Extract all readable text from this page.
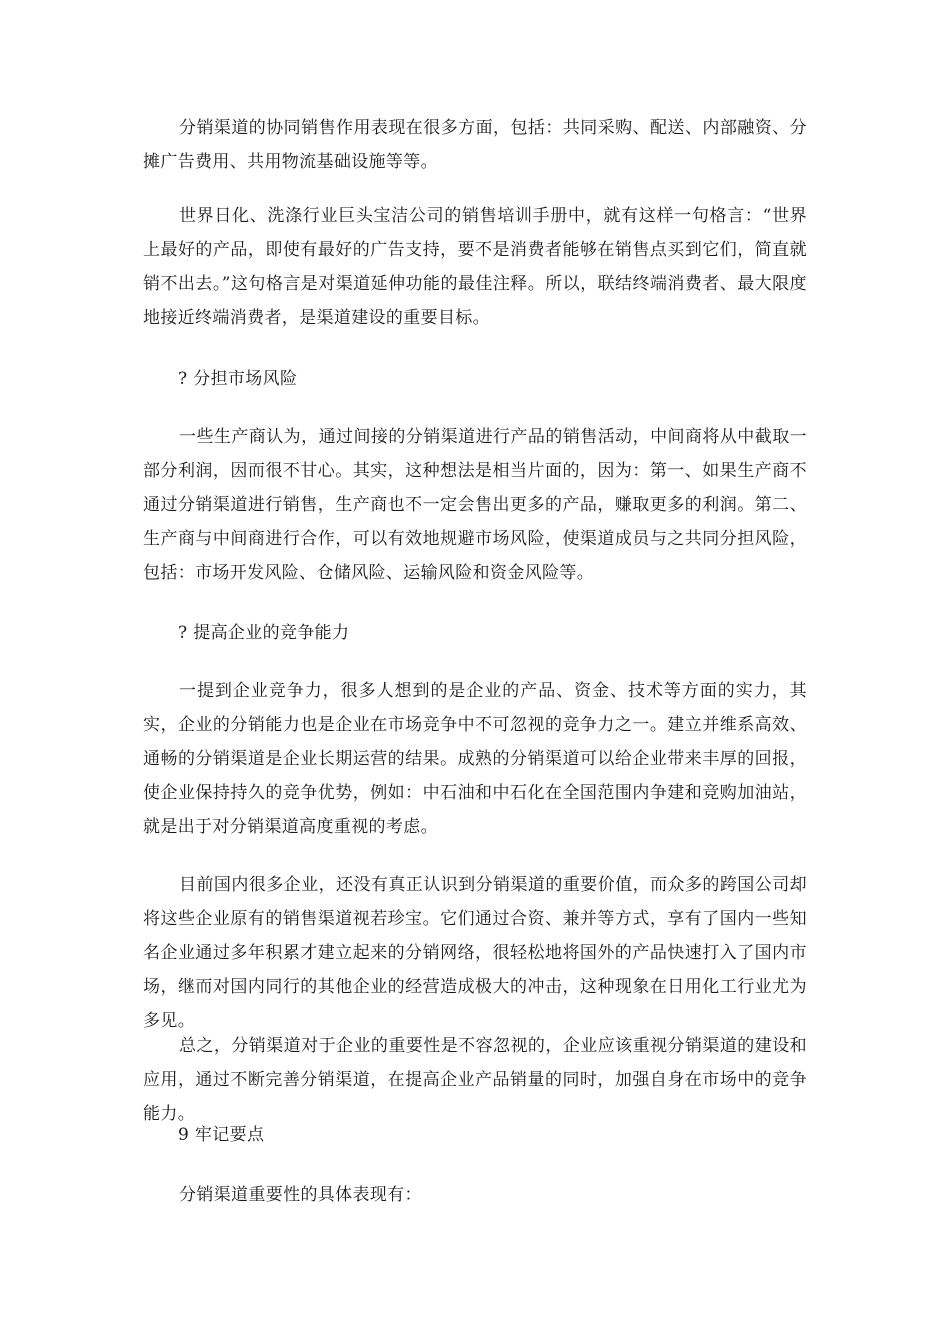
分销渠道的协同销售作用表现在很多方面，包括：共同采购、配送、内部融资、分摊广告费用、共用物流基础设施等等。

世界日化、洗涤行业巨头宝洁公司的销售培训手册中，就有这样一句格言：“世界上最好的产品，即使有最好的广告支持，要不是消费者能够在销售点买到它们，简直就销不出去。”这句格言是对渠道延伸功能的最佳注释。所以，联结终端消费者、最大限度地接近终端消费者，是渠道建设的重要目标。

? 分担市场风险

一些生产商认为，通过间接的分销渠道进行产品的销售活动，中间商将从中截取一部分利润，因而很不甘心。其实，这种想法是相当片面的，因为：第一、如果生产商不通过分销渠道进行销售，生产商也不一定会售出更多的产品，赚取更多的利润。第二、生产商与中间商进行合作，可以有效地规避市场风险，使渠道成员与之共同分担风险，包括：市场开发风险、仓储风险、运输风险和资金风险等。

? 提高企业的竞争能力

一提到企业竞争力，很多人想到的是企业的产品、资金、技术等方面的实力，其实，企业的分销能力也是企业在市场竞争中不可忽视的竞争力之一。建立并维系高效、通畅的分销渠道是企业长期运营的结果。成熟的分销渠道可以给企业带来丰厚的回报，使企业保持持久的竞争优势，例如：中石油和中石化在全国范围内争建和竞购加油站，就是出于对分销渠道高度重视的考虑。

目前国内很多企业，还没有真正认识到分销渠道的重要价值，而众多的跨国公司却将这些企业原有的销售渠道视若珍宝。它们通过合资、兼并等方式，享有了国内一些知名企业通过多年积累才建立起来的分销网络，很轻松地将国外的产品快速打入了国内市场，继而对国内同行的其他企业的经营造成极大的冲击，这种现象在日用化工行业尤为多见。

总之，分销渠道对于企业的重要性是不容忽视的，企业应该重视分销渠道的建设和应用，通过不断完善分销渠道，在提高企业产品销量的同时，加强自身在市场中的竞争能力。

9 牢记要点

分销渠道重要性的具体表现有：
